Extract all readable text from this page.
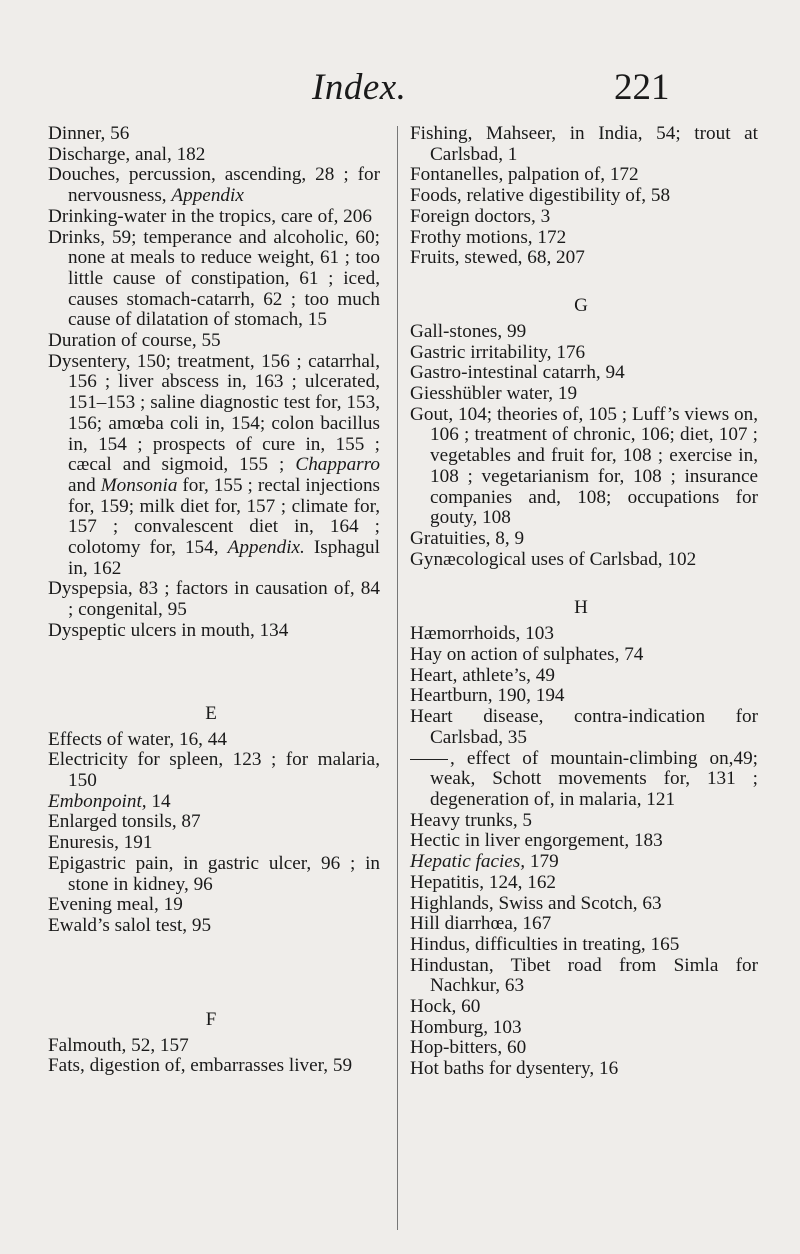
Index.	221
Dinner, 56
Discharge, anal, 182
Douches, percussion, ascending, 28 ; for nervousness, Appendix
Drinking-water in the tropics, care of, 206
Drinks, 59; temperance and alcoholic, 60; none at meals to reduce weight, 61 ; too little cause of constipation, 61 ; iced, causes stomach-catarrh, 62 ; too much cause of dilatation of stomach, 15
Duration of course, 55
Dysentery, 150; treatment, 156 ; catarrhal, 156 ; liver abscess in, 163 ; ulcerated, 151–153 ; saline diagnostic test for, 153, 156; amœba coli in, 154; colon bacillus in, 154 ; prospects of cure in, 155 ; cæcal and sigmoid, 155 ; Chapparro and Monsonia for, 155 ; rectal injections for, 159; milk diet for, 157 ; climate for, 157 ; convalescent diet in, 164 ; colotomy for, 154, Appendix. Isphagul in, 162
Dyspepsia, 83 ; factors in causation of, 84 ; congenital, 95
Dyspeptic ulcers in mouth, 134
E
Effects of water, 16, 44
Electricity for spleen, 123 ; for malaria, 150
Embonpoint, 14
Enlarged tonsils, 87
Enuresis, 191
Epigastric pain, in gastric ulcer, 96 ; in stone in kidney, 96
Evening meal, 19
Ewald’s salol test, 95
F
Falmouth, 52, 157
Fats, digestion of, embarrasses liver, 59
Fishing, Mahseer, in India, 54; trout at Carlsbad, 1
Fontanelles, palpation of, 172
Foods, relative digestibility of, 58
Foreign doctors, 3
Frothy motions, 172
Fruits, stewed, 68, 207
G
Gall-stones, 99
Gastric irritability, 176
Gastro-intestinal catarrh, 94
Giesshübler water, 19
Gout, 104; theories of, 105 ; Luff’s views on, 106 ; treatment of chronic, 106; diet, 107 ; vegetables and fruit for, 108 ; exercise in, 108 ; vegetarianism for, 108 ; insurance companies and, 108; occupations for gouty, 108
Gratuities, 8, 9
Gynæcological uses of Carlsbad, 102
H
Hæmorrhoids, 103
Hay on action of sulphates, 74
Heart, athlete’s, 49
Heartburn, 190, 194
Heart disease, contra-indication for Carlsbad, 35
, effect of mountain-climbing on,49; weak, Schott movements for, 131 ; degeneration of, in malaria, 121
Heavy trunks, 5
Hectic in liver engorgement, 183
Hepatic facies, 179
Hepatitis, 124, 162
Highlands, Swiss and Scotch, 63
Hill diarrhœa, 167
Hindus, difficulties in treating, 165
Hindustan, Tibet road from Simla for Nachkur, 63
Hock, 60
Homburg, 103
Hop-bitters, 60
Hot baths for dysentery, 16
